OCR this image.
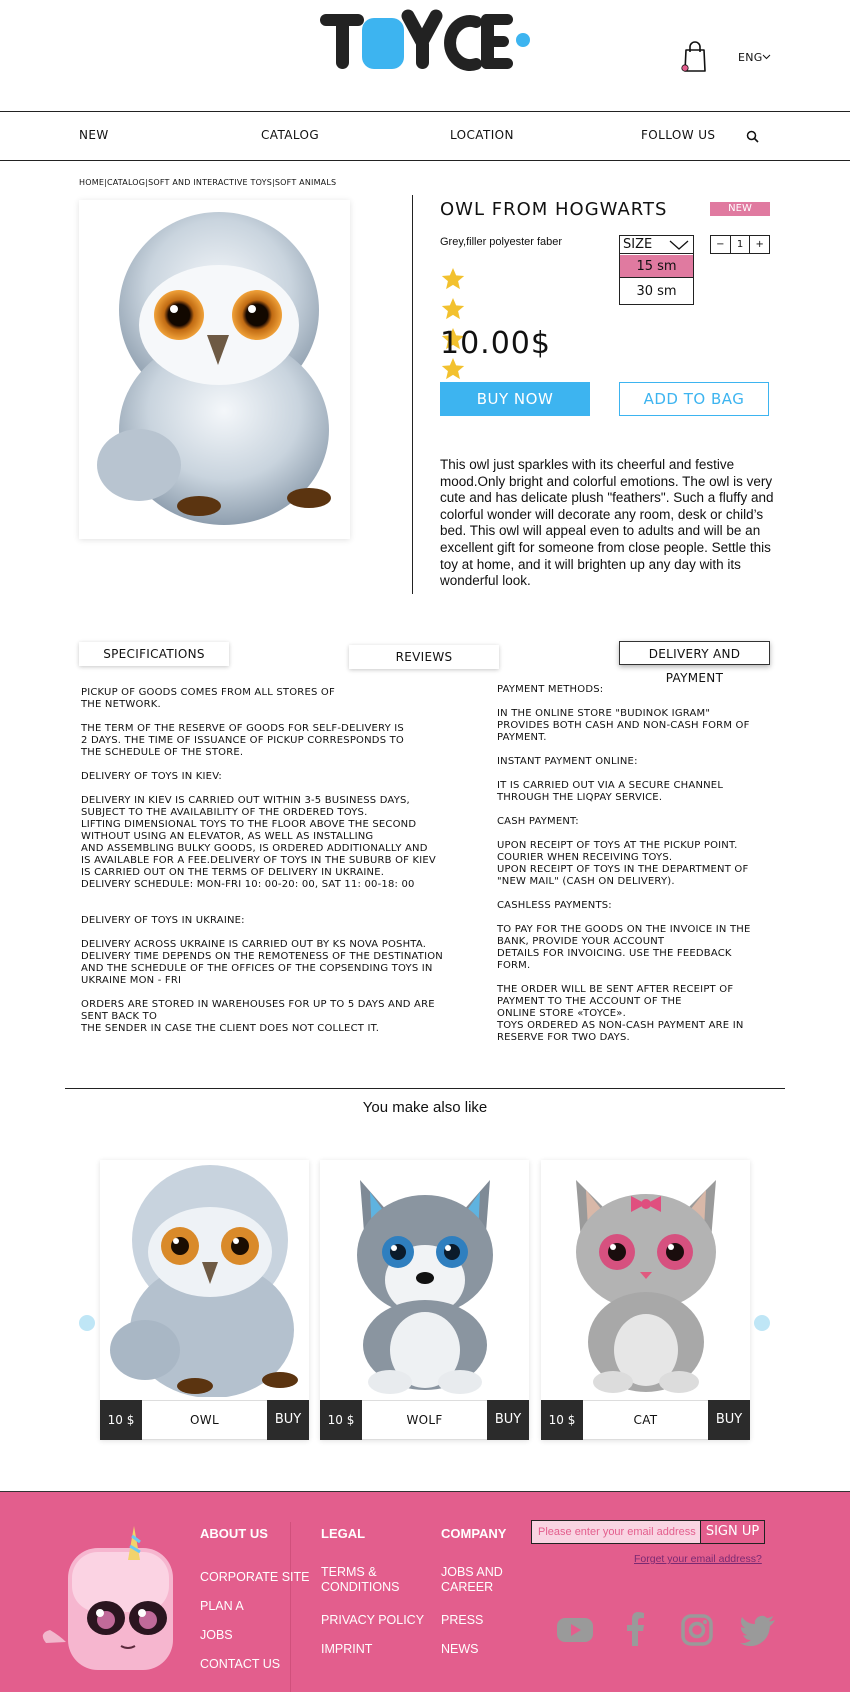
ENG
NEW	CATALOG	LOCATION	FOLLOW US
HOME|CATALOG|SOFT AND INTERACTIVE TOYS|SOFT ANIMALS
OWL FROM HOGWARTS	NEW
Grey,filler polyester faber	SIZE
15 sm
30 sm
−	1	+
10.00$
BUY NOW	ADD TO BAG
This owl just sparkles with its cheerful and festive mood.Only bright and colorful emotions. The owl is very cute and has delicate plush "feathers". Such a fluffy and colorful wonder will decorate any room, desk or child’s bed. This owl will appeal even to adults and will be an excellent gift for someone from close people. Settle this toy at home, and it will brighten up any day with its wonderful look.
SPECIFICATIONS	REVIEWS	DELIVERY AND PAYMENT
PICKUP OF GOODS COMES FROM ALL STORES OF
THE NETWORK.

THE TERM OF THE RESERVE OF GOODS FOR SELF-DELIVERY IS
2 DAYS. THE TIME OF ISSUANCE OF PICKUP CORRESPONDS TO
THE SCHEDULE OF THE STORE.

DELIVERY OF TOYS IN KIEV:

DELIVERY IN KIEV IS CARRIED OUT WITHIN 3-5 BUSINESS DAYS,
SUBJECT TO THE AVAILABILITY OF THE ORDERED TOYS.
LIFTING DIMENSIONAL TOYS TO THE FLOOR ABOVE THE SECOND
WITHOUT USING AN ELEVATOR, AS WELL AS INSTALLING
AND ASSEMBLING BULKY GOODS, IS ORDERED ADDITIONALLY AND
IS AVAILABLE FOR A FEE.DELIVERY OF TOYS IN THE SUBURB OF KIEV
IS CARRIED OUT ON THE TERMS OF DELIVERY IN UKRAINE.
DELIVERY SCHEDULE: MON-FRI 10: 00-20: 00, SAT 11: 00-18: 00

DELIVERY OF TOYS IN UKRAINE:

DELIVERY ACROSS UKRAINE IS CARRIED OUT BY KS NOVA POSHTA.
DELIVERY TIME DEPENDS ON THE REMOTENESS OF THE DESTINATION
AND THE SCHEDULE OF THE OFFICES OF THE COPSENDING TOYS IN
UKRAINE MON - FRI

ORDERS ARE STORED IN WAREHOUSES FOR UP TO 5 DAYS AND ARE
SENT BACK TO
THE SENDER IN CASE THE CLIENT DOES NOT COLLECT IT.
PAYMENT METHODS:

IN THE ONLINE STORE "BUDINOK IGRAM"
PROVIDES BOTH CASH AND NON-CASH FORM OF
PAYMENT.

INSTANT PAYMENT ONLINE:

IT IS CARRIED OUT VIA A SECURE CHANNEL
THROUGH THE LIQPAY SERVICE.

CASH PAYMENT:

UPON RECEIPT OF TOYS AT THE PICKUP POINT.
COURIER WHEN RECEIVING TOYS.
UPON RECEIPT OF TOYS IN THE DEPARTMENT OF
"NEW MAIL" (CASH ON DELIVERY).

CASHLESS PAYMENTS:

TO PAY FOR THE GOODS ON THE INVOICE IN THE
BANK, PROVIDE YOUR ACCOUNT
DETAILS FOR INVOICING. USE THE FEEDBACK
FORM.

THE ORDER WILL BE SENT AFTER RECEIPT OF
PAYMENT TO THE ACCOUNT OF THE
ONLINE STORE «TOYCE».
TOYS ORDERED AS NON-CASH PAYMENT ARE IN
RESERVE FOR TWO DAYS.
You make also like
10 $	OWL	BUY	10 $	WOLF	BUY	10 $	CAT	BUY
ABOUT US
CORPORATE SITE
PLAN A
JOBS
CONTACT US
LEGAL
TERMS &
CONDITIONS
PRIVACY POLICY
IMPRINT
COMPANY
JOBS AND
CAREER
PRESS
NEWS
Please enter your email address SIGN UP
Forget your email address?
